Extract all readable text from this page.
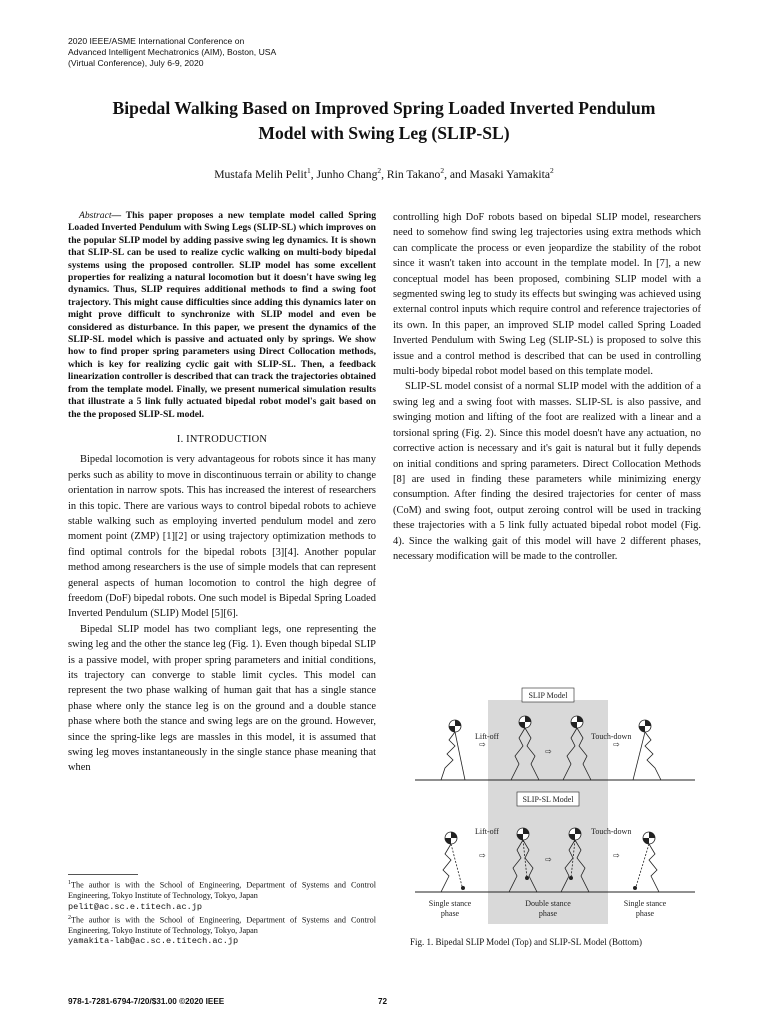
2020 IEEE/ASME International Conference on
Advanced Intelligent Mechatronics (AIM), Boston, USA
(Virtual Conference), July 6-9, 2020
Bipedal Walking Based on Improved Spring Loaded Inverted Pendulum
Model with Swing Leg (SLIP-SL)
Mustafa Melih Pelit$^1$, Junho Chang$^2$, Rin Takano$^2$, and Masaki Yamakita$^2$

Abstract— This paper proposes a new template model called Spring Loaded Inverted Pendulum with Swing Legs (SLIP-SL) which improves on the popular SLIP model by adding passive swing leg dynamics. It is shown that SLIP-SL can be used to realize cyclic walking on multi-body bipedal systems using the proposed controller. SLIP model has some excellent properties for realizing a natural locomotion but it doesn't have swing leg dynamics. Thus, SLIP requires additional methods to find a swing foot trajectory. This might cause difficulties since adding this dynamics later on might prove difficult to synchronize with SLIP model and even be considered as disturbance. In this paper, we present the dynamics of the SLIP-SL model which is passive and actuated only by springs. We show how to find proper spring parameters using Direct Collocation methods, which is key for realizing cyclic gait with SLIP-SL. Then, a feedback linearization controller is described that can track the trajectories obtained from the template model. Finally, we present numerical simulation results that illustrate a 5 link fully actuated bipedal robot model's gait based on the the proposed SLIP-SL model.

I. INTRODUCTION

Bipedal locomotion is very advantageous for robots since it has many perks such as ability to move in discontinuous terrain or ability to change orientation in narrow spots. This has increased the interest of researchers in this topic. There are various ways to control bipedal robots to achieve stable walking such as employing inverted pendulum model and zero moment point (ZMP) [1][2] or using trajectory optimization methods to find optimal controls for the bipedal robots [3][4]. Another popular method among researchers is the use of simple models that can represent general aspects of human locomotion to control the high degree of freedom (DoF) bipedal robots. One such model is Bipedal Spring Loaded Inverted Pendulum (SLIP) Model [5][6].

Bipedal SLIP model has two compliant legs, one representing the swing leg and the other the stance leg (Fig. 1). Even though bipedal SLIP is a passive model, with proper spring parameters and initial conditions, its trajectory can converge to stable limit cycles. This model can represent the two phase walking of human gait that has a single stance phase where only the stance leg is on the ground and a double stance phase where both the stance and swing legs are on the ground. However, since the spring-like legs are massles in this model, it is assumed that swing leg moves instantaneously in the single stance phase meaning that when

$^1$The author is with the School of Engineering, Department of Systems and Control Engineering, Tokyo Institute of Technology, Tokyo, Japan
pelit@ac.sc.e.titech.ac.jp
$^2$The author is with the School of Engineering, Department of Systems and Control Engineering, Tokyo Institute of Technology, Tokyo, Japan
yamakita-lab@ac.sc.e.titech.ac.jp

controlling high DoF robots based on bipedal SLIP model, researchers need to somehow find swing leg trajectories using extra methods which can complicate the process or even jeopardize the stability of the robot since it wasn't taken into account in the template model. In [7], a new conceptual model has been proposed, combining SLIP model with a segmented swing leg to study its effects but swinging was achieved using external control inputs which require control and reference trajectories of its own. In this paper, an improved SLIP model called Spring Loaded Inverted Pendulum with Swing Leg (SLIP-SL) is proposed to solve this issue and a control method is described that can be used in controlling multi-body bipedal robot model based on this template model.

SLIP-SL model consist of a normal SLIP model with the addition of a swing leg and a swing foot with masses. SLIP-SL is also passive, and swinging motion and lifting of the foot are realized with a linear and a torsional spring (Fig. 2). Since this model doesn't have any actuation, no corrective action is necessary and it's gait is natural but it fully depends on initial conditions and spring parameters. Direct Collocation Methods [8] are used in finding these parameters while minimizing energy consumption. After finding the desired trajectories for center of mass (CoM) and swing foot, output zeroing control will be used in tracking these trajectories with a 5 link fully actuated bipedal robot model (Fig. 4). Since the walking gait of this model will have 2 different phases, necessary modification will be made to the controller.

SLIP Model
Lift-off
⇨
⇨
Touch-down
⇨
SLIP-SL Model
Lift-off
⇨	⇨
Touch-down
⇨
Single stance
phase
Double stance
phase
Single stance
phase
Fig. 1. Bipedal SLIP Model (Top) and SLIP-SL Model (Bottom)
978-1-7281-6794-7/20/$31.00 ©2020 IEEE	72
